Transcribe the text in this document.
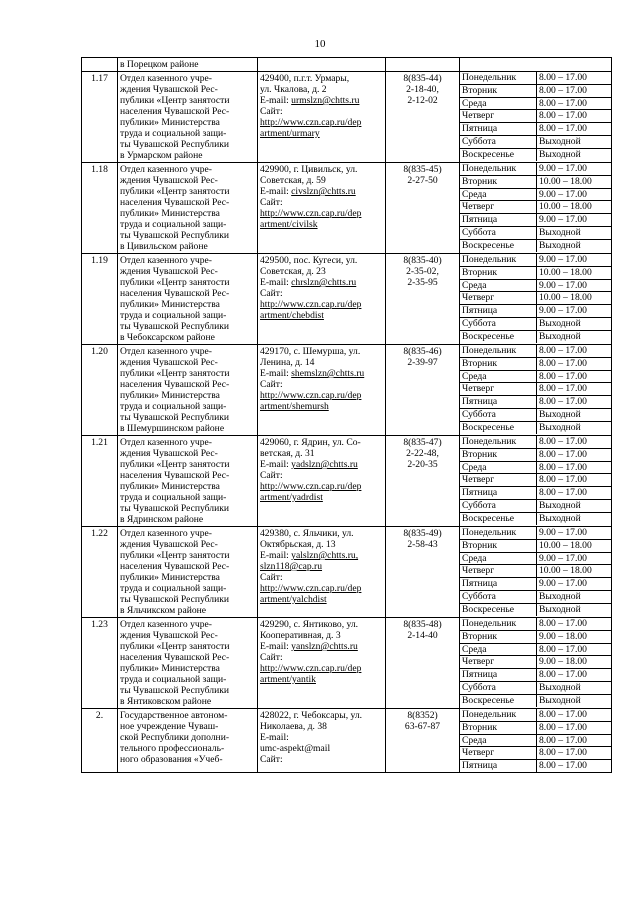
10

в Порецком районе

1.17	Отдел казенного учре-
ждения Чувашской Рес-
публики «Центр занятости
населения Чувашской Рес-
публики» Министерства
труда и социальной защи-
ты Чувашской Республики
в Урмарском районе

429400, п.г.т. Урмары,
ул. Чкалова, д. 2
E-mail: urmslzn@chtts.ru
Сайт:
http://www.czn.cap.ru/dep
artment/urmary

8(835-44)
2-18-40,
2-12-02

Понедельник	8.00 – 17.00
Вторник	8.00 – 17.00
Среда	8.00 – 17.00
Четверг	8.00 – 17.00
Пятница	8.00 – 17.00
Суббота	Выходной
Воскресенье	Выходной

1.18	Отдел казенного учре-
ждения Чувашской Рес-
публики «Центр занятости
населения Чувашской Рес-
публики» Министерства
труда и социальной защи-
ты Чувашской Республики
в Цивильском районе

429900, г. Цивильск, ул.
Советская, д. 59
E-mail: civslzn@chtts.ru
Сайт:
http://www.czn.cap.ru/dep
artment/civilsk

8(835-45)
2-27-50

Понедельник	9.00 – 17.00
Вторник	10.00 – 18.00
Среда	9.00 – 17.00
Четверг	10.00 – 18.00
Пятница	9.00 – 17.00
Суббота	Выходной
Воскресенье	Выходной

1.19	Отдел казенного учре-
ждения Чувашской Рес-
публики «Центр занятости
населения Чувашской Рес-
публики» Министерства
труда и социальной защи-
ты Чувашской Республики
в Чебоксарском районе

429500, пос. Кугеси, ул.
Советская, д. 23
E-mail: chrslzn@chtts.ru
Сайт:
http://www.czn.cap.ru/dep
artment/chebdist

8(835-40)
2-35-02,
2-35-95

Понедельник	9.00 – 17.00
Вторник	10.00 – 18.00
Среда	9.00 – 17.00
Четверг	10.00 – 18.00
Пятница	9.00 – 17.00
Суббота	Выходной
Воскресенье	Выходной

1.20	Отдел казенного учре-
ждения Чувашской Рес-
публики «Центр занятости
населения Чувашской Рес-
публики» Министерства
труда и социальной защи-
ты Чувашской Республики
в Шемуршинском районе

429170, с. Шемурша, ул.
Ленина, д. 14
E-mail: shemslzn@chtts.ru
Сайт:
http://www.czn.cap.ru/dep
artment/shemursh

8(835-46)
2-39-97

Понедельник	8.00 – 17.00
Вторник	8.00 – 17.00
Среда	8.00 – 17.00
Четверг	8.00 – 17.00
Пятница	8.00 – 17.00
Суббота	Выходной
Воскресенье	Выходной

1.21	Отдел казенного учре-
ждения Чувашской Рес-
публики «Центр занятости
населения Чувашской Рес-
публики» Министерства
труда и социальной защи-
ты Чувашской Республики
в Ядринском районе

429060, г. Ядрин, ул. Со-
ветская, д. 31
E-mail: yadslzn@chtts.ru
Сайт:
http://www.czn.cap.ru/dep
artment/yadrdist

8(835-47)
2-22-48,
2-20-35

Понедельник	8.00 – 17.00
Вторник	8.00 – 17.00
Среда	8.00 – 17.00
Четверг	8.00 – 17.00
Пятница	8.00 – 17.00
Суббота	Выходной
Воскресенье	Выходной

1.22	Отдел казенного учре-
ждения Чувашской Рес-
публики «Центр занятости
населения Чувашской Рес-
публики» Министерства
труда и социальной защи-
ты Чувашской Республики
в Яльчикском районе

429380, с. Яльчики, ул.
Октябрьская, д. 13
E-mail: yalslzn@chtts.ru,
slzn118@cap.ru
Сайт:
http://www.czn.cap.ru/dep
artment/yalchdist

8(835-49)
2-58-43

Понедельник	9.00 – 17.00
Вторник	10.00 – 18.00
Среда	9.00 – 17.00
Четверг	10.00 – 18.00
Пятница	9.00 – 17.00
Суббота	Выходной
Воскресенье	Выходной

1.23	Отдел казенного учре-
ждения Чувашской Рес-
публики «Центр занятости
населения Чувашской Рес-
публики» Министерства
труда и социальной защи-
ты Чувашской Республики
в Янтиковском районе

429290, с. Янтиково, ул.
Кооперативная, д. 3
E-mail: yanslzn@chtts.ru
Сайт:
http://www.czn.cap.ru/dep
artment/yantik

8(835-48)
2-14-40

Понедельник	8.00 – 17.00
Вторник	9.00 – 18.00
Среда	8.00 – 17.00
Четверг	9.00 – 18.00
Пятница	8.00 – 17.00
Суббота	Выходной
Воскресенье	Выходной

2.	Государственное автоном-
ное учреждение Чуваш-
ской Республики дополни-
тельного профессиональ-
ного образования «Учеб-

428022, г. Чебоксары, ул.
Николаева, д. 38
E-mail:
umc-aspekt@mail
Сайт:

8(8352)
63-67-87

Понедельник	8.00 – 17.00
Вторник	8.00 – 17.00
Среда	8.00 – 17.00
Четверг	8.00 – 17.00
Пятница	8.00 – 17.00
